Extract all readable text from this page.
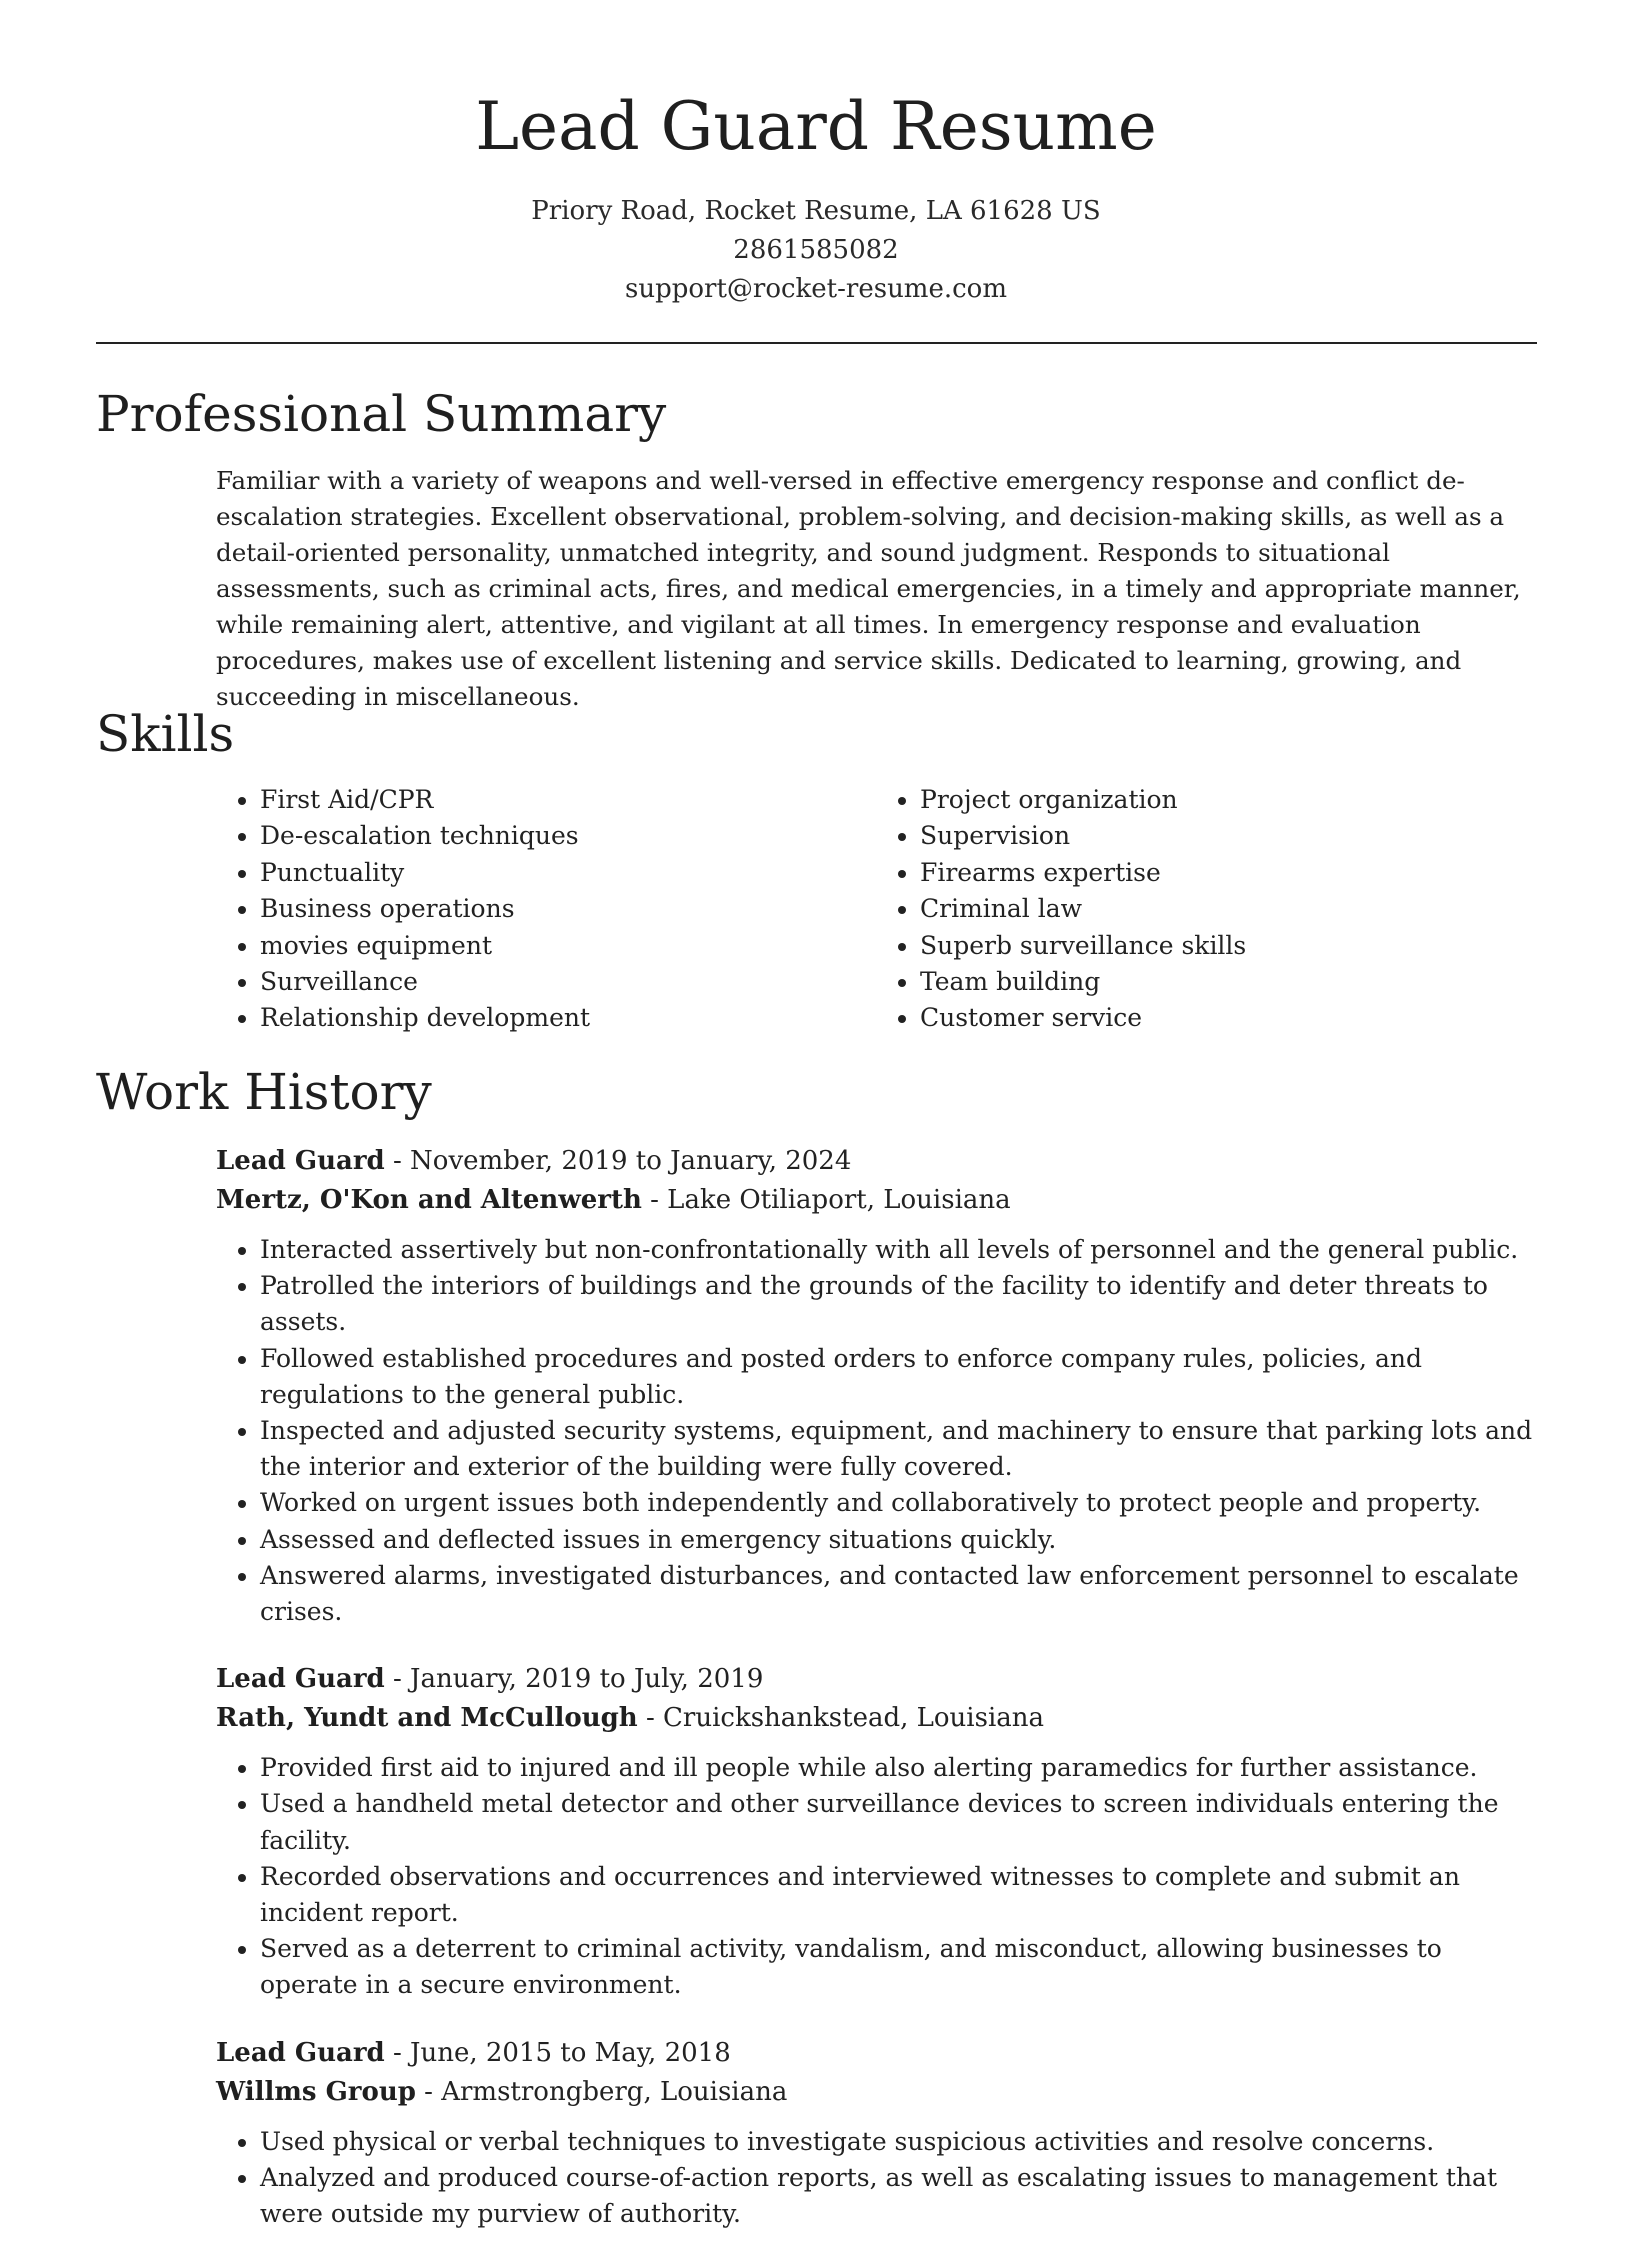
Lead Guard Resume
Priory Road, Rocket Resume, LA 61628 US
2861585082
support@rocket-resume.com
Professional Summary

Familiar with a variety of weapons and well-versed in effective emergency response and conflict de-escalation strategies. Excellent observational, problem-solving, and decision-making skills, as well as a detail-oriented personality, unmatched integrity, and sound judgment. Responds to situational assessments, such as criminal acts, fires, and medical emergencies, in a timely and appropriate manner, while remaining alert, attentive, and vigilant at all times. In emergency response and evaluation procedures, makes use of excellent listening and service skills. Dedicated to learning, growing, and succeeding in miscellaneous.

Skills
• First Aid/CPR
• De-escalation techniques
• Punctuality
• Business operations
• movies equipment
• Surveillance
• Relationship development
• Project organization
• Supervision
• Firearms expertise
• Criminal law
• Superb surveillance skills
• Team building
• Customer service
Work History
Lead Guard - November, 2019 to January, 2024
Mertz, O'Kon and Altenwerth - Lake Otiliaport, Louisiana
• Interacted assertively but non-confrontationally with all levels of personnel and the general public.
• Patrolled the interiors of buildings and the grounds of the facility to identify and deter threats to assets.
• Followed established procedures and posted orders to enforce company rules, policies, and regulations to the general public.
• Inspected and adjusted security systems, equipment, and machinery to ensure that parking lots and the interior and exterior of the building were fully covered.
• Worked on urgent issues both independently and collaboratively to protect people and property.
• Assessed and deflected issues in emergency situations quickly.
• Answered alarms, investigated disturbances, and contacted law enforcement personnel to escalate crises.
Lead Guard - January, 2019 to July, 2019
Rath, Yundt and McCullough - Cruickshankstead, Louisiana
• Provided first aid to injured and ill people while also alerting paramedics for further assistance.
• Used a handheld metal detector and other surveillance devices to screen individuals entering the facility.
• Recorded observations and occurrences and interviewed witnesses to complete and submit an incident report.
• Served as a deterrent to criminal activity, vandalism, and misconduct, allowing businesses to operate in a secure environment.
Lead Guard - June, 2015 to May, 2018
Willms Group - Armstrongberg, Louisiana
• Used physical or verbal techniques to investigate suspicious activities and resolve concerns.
• Analyzed and produced course-of-action reports, as well as escalating issues to management that were outside my purview of authority.
